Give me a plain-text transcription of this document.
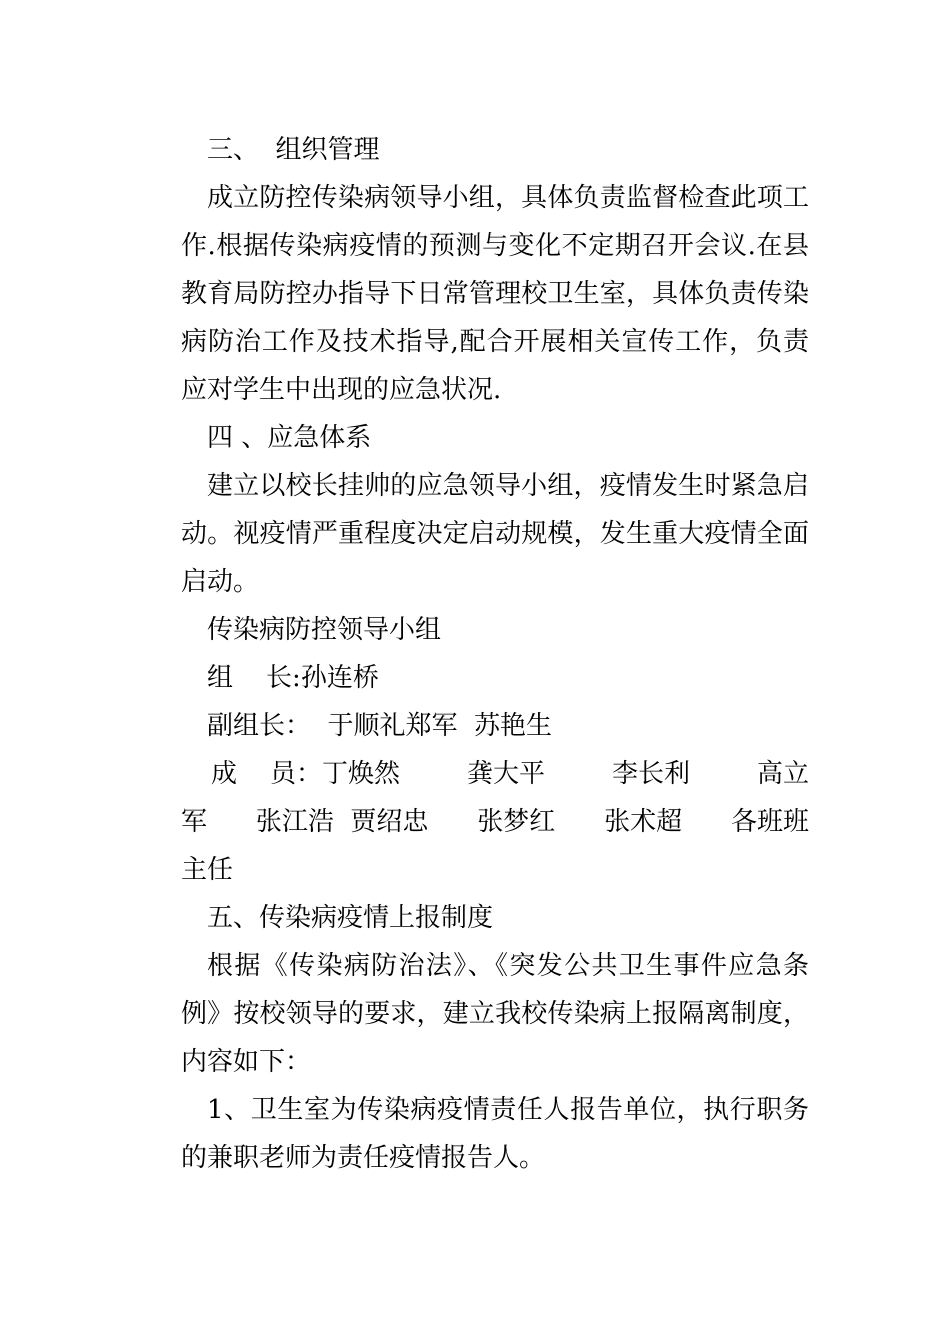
三、  组织管理

成立防控传染病领导小组，具体负责监督检查此项工作.根据传染病疫情的预测与变化不定期召开会议.在县教育局防控办指导下日常管理校卫生室，具体负责传染病防治工作及技术指导,配合开展相关宣传工作，负责应对学生中出现的应急状况.

四 、应急体系

建立以校长挂帅的应急领导小组，疫情发生时紧急启动。视疫情严重程度决定启动规模，发生重大疫情全面启动。

传染病防控领导小组

组    长:孙连桥

副组长：  于顺礼郑军  苏艳生

成    员：丁焕然	龚大平	李长利	高立
军 张江浩  贾绍忠 张梦红 张术超 各班班

主任

五、传染病疫情上报制度

根据《传染病防治法》、《突发公共卫生事件应急条例》按校领导的要求，建立我校传染病上报隔离制度，内容如下：

1、卫生室为传染病疫情责任人报告单位，执行职务的兼职老师为责任疫情报告人。
